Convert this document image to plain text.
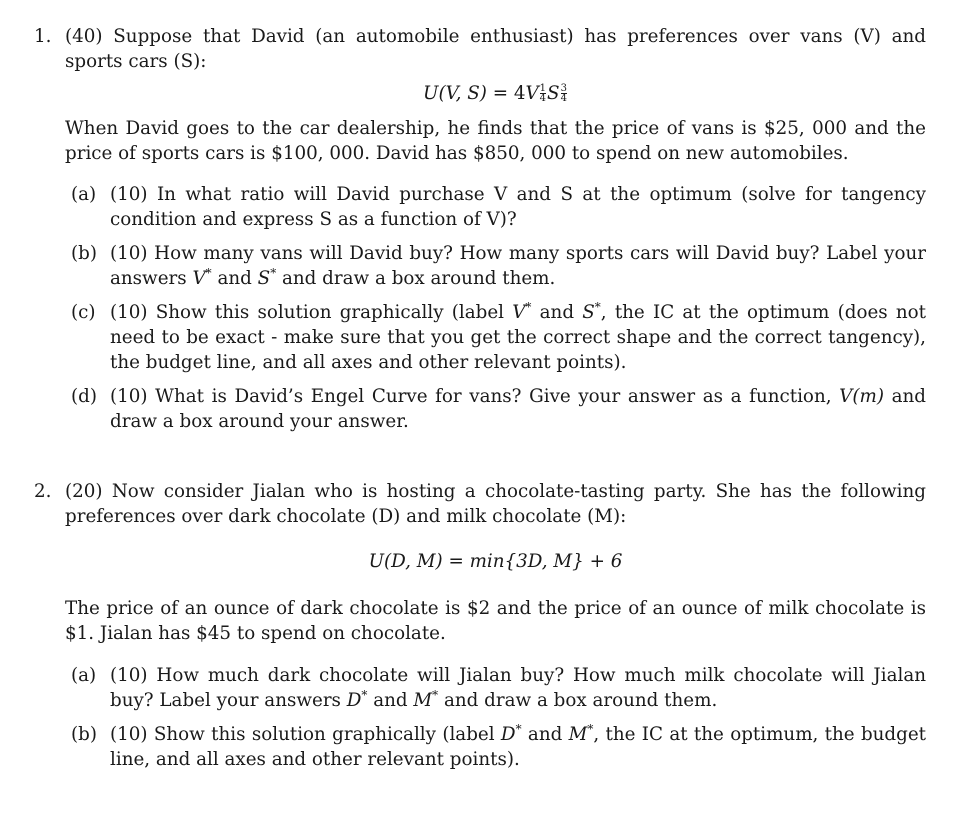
1. (40) Suppose that David (an automobile enthusiast) has preferences over vans (V) and sports cars (S):

U(V, $S) = 4V \frac{1}{4}$ S $\frac{3}{4}$

When David goes to the car dealership, he finds that the price of vans is $25, 000 and the price of sports cars is $100, 000. David has $850, 000 to spend on new automobiles.

(a) (10) In what ratio will David purchase V and S at the optimum (solve for tangency condition and express S as a function of V)?

(b) (10) How many vans will David buy? How many sports cars will David buy? Label your answers V* and S* and draw a box around them.

(c) (10) Show this solution graphically (label V* and S*, the IC at the optimum (does not need to be exact - make sure that you get the correct shape and the correct tangency), the budget line, and all axes and other relevant points).

(d) (10) What is David’s Engel Curve for vans? Give your answer as a function, V(m) and draw a box around your answer.

2. (20) Now consider Jialan who is hosting a chocolate-tasting party. She has the following preferences over dark chocolate (D) and milk chocolate (M):

U(D, M) = min{3D, M} + 6

The price of an ounce of dark chocolate is $2 and the price of an ounce of milk chocolate is $1. Jialan has $45 to spend on chocolate.

(a) (10) How much dark chocolate will Jialan buy? How much milk chocolate will Jialan buy? Label your answers D* and M* and draw a box around them.

(b) (10) Show this solution graphically (label D* and M*, the IC at the optimum, the budget line, and all axes and other relevant points).
